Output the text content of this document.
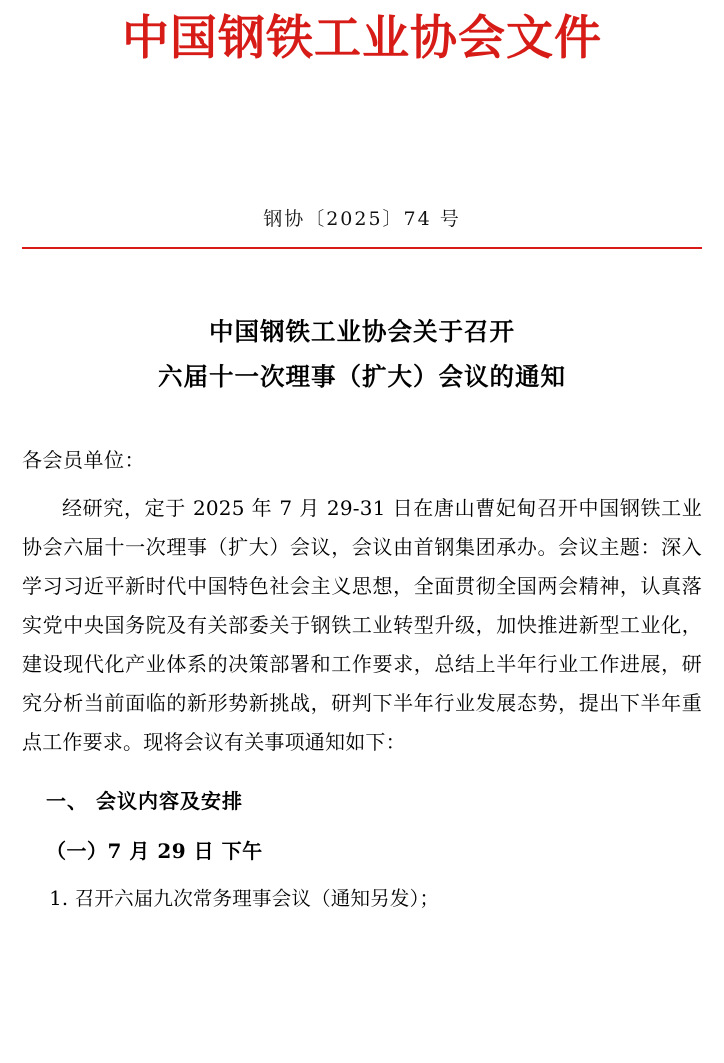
中国钢铁工业协会文件
钢协〔2025〕74 号
中国钢铁工业协会关于召开
六届十一次理事（扩大）会议的通知
各会员单位：
经研究，定于 2025 年 7 月 29-31 日在唐山曹妃甸召开中国钢铁工业协会六届十一次理事（扩大）会议，会议由首钢集团承办。会议主题：深入学习习近平新时代中国特色社会主义思想，全面贯彻全国两会精神，认真落实党中央国务院及有关部委关于钢铁工业转型升级，加快推进新型工业化，建设现代化产业体系的决策部署和工作要求，总结上半年行业工作进展，研究分析当前面临的新形势新挑战，研判下半年行业发展态势，提出下半年重点工作要求。现将会议有关事项通知如下：
一、 会议内容及安排
（一）7 月 29 日 下午
1. 召开六届九次常务理事会议（通知另发）；
